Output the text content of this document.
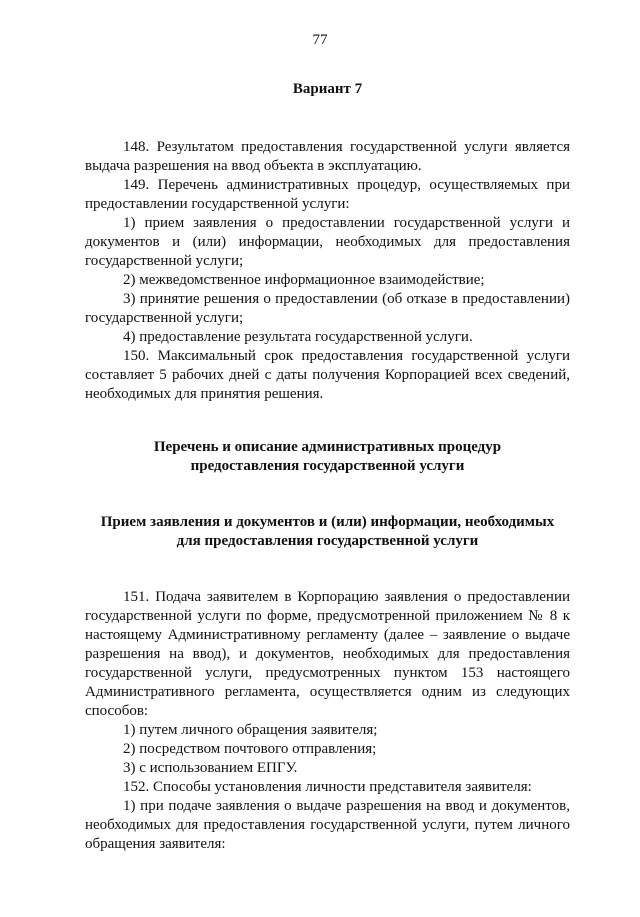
77

Вариант 7

148. Результатом предоставления государственной услуги является выдача разрешения на ввод объекта в эксплуатацию.

149. Перечень административных процедур, осуществляемых при предоставлении государственной услуги:

1) прием заявления о предоставлении государственной услуги и документов и (или) информации, необходимых для предоставления государственной услуги;

2) межведомственное информационное взаимодействие;

3) принятие решения о предоставлении (об отказе в предоставлении) государственной услуги;

4) предоставление результата государственной услуги.

150. Максимальный срок предоставления государственной услуги составляет 5 рабочих дней с даты получения Корпорацией всех сведений, необходимых для принятия решения.

Перечень и описание административных процедур
предоставления государственной услуги

Прием заявления и документов и (или) информации, необходимых
для предоставления государственной услуги

151. Подача заявителем в Корпорацию заявления о предоставлении государственной услуги по форме, предусмотренной приложением № 8 к настоящему Административному регламенту (далее – заявление о выдаче разрешения на ввод), и документов, необходимых для предоставления государственной услуги, предусмотренных пунктом 153 настоящего Административного регламента, осуществляется одним из следующих способов:

1) путем личного обращения заявителя;

2) посредством почтового отправления;

3) с использованием ЕПГУ.

152. Способы установления личности представителя заявителя:

1) при подаче заявления о выдаче разрешения на ввод и документов, необходимых для предоставления государственной услуги, путем личного обращения заявителя:
